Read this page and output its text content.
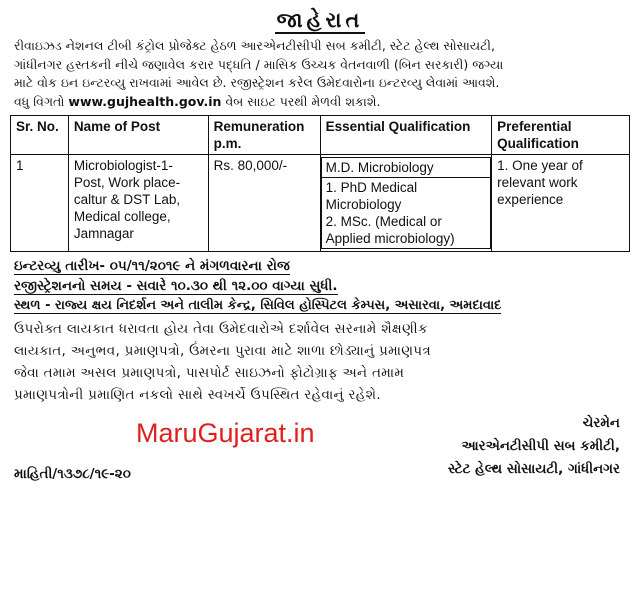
જાહેરાત

રીવાઇઝડ નેશનલ ટીબી કંટ્રોલ પ્રોજેક્ટ હેઠળ આરએનટીસીપી સબ કમીટી, સ્ટેટ હેલ્થ સોસાયટી,

ગાંધીનગર હસ્તકની નીચે જણાવેલ કરાર પદ્ધતિ / માસિક ઉચ્ચક વેતનવાળી (બિન સરકારી) જગ્યા

માટે વોક ઇન ઇન્ટરવ્યુ રાખવામાં આવેલ છે. રજીસ્ટ્રેશન કરેલ ઉમેદવારોના ઇન્ટરવ્યુ લેવામાં આવશે.

વધુ વિગતો www.gujhealth.gov.in વેબ સાઇટ પરથી મેળવી શકાશે.

Sr. No.	Name of Post	Remuneration p.m.	Essential Qualification	Preferential Qualification
1	Microbiologist-1-Post, Work place-caltur & DST Lab, Medical college, Jamnagar	Rs. 80,000/-	M.D. Microbiology
1. PhD Medical Microbiology
2. MSc. (Medical or Applied microbiology)	1. One year of relevant work experience
ઇન્ટરવ્યુ તારીખ- ૦૫/૧૧/૨૦૧૯ ને મંગળવારના રોજ
રજીસ્ટ્રેશનનો સમય - સવારે ૧૦.૩૦ થી ૧૨.૦૦ વાગ્યા સુધી.
સ્થળ - રાજ્ય ક્ષય નિદર્શન અને તાલીમ કેન્દ્ર, સિવિલ હોસ્પિટલ કેમ્પસ, અસારવા, અમદાવાદ

ઉપરોક્ત લાયકાત ધરાવતા હોય તેવા ઉમેદવારોએ દર્શાવેલ સરનામે શૈક્ષણીક

લાયકાત, અનુભવ, પ્રમાણપત્રો, ઉંમરના પુરાવા માટે શાળા છોડ્યાનું પ્રમાણપત્ર

જેવા તમામ અસલ પ્રમાણપત્રો, પાસપોર્ટ સાઇઝનો ફોટોગ્રાફ અને તમામ

પ્રમાણપત્રોની પ્રમાણિત નકલો સાથે સ્વખર્ચે ઉપસ્થિત રહેવાનું રહેશે.

MaruGujarat.in	ચેરમેન
આરએનટીસીપી સબ કમીટી,
સ્ટેટ હેલ્થ સોસાયટી, ગાંધીનગર
માહિતી/૧૩૭૮/૧૯-૨૦
